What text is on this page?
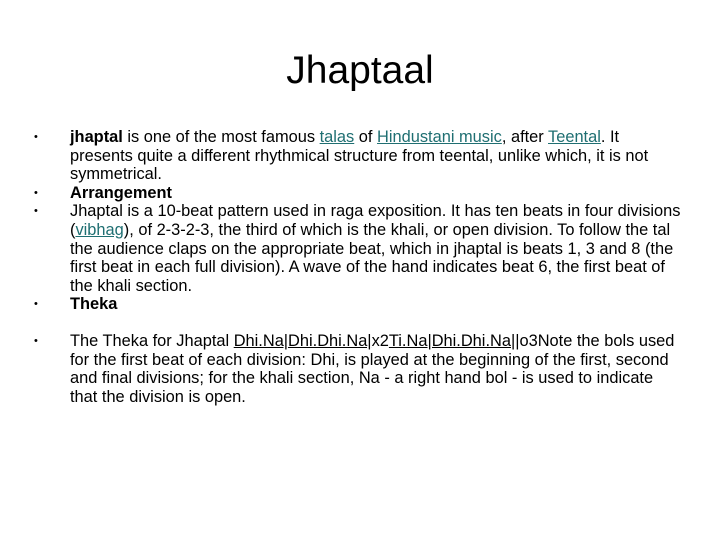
Jhaptaal
• jhaptal is one of the most famous talas of Hindustani music, after Teental. It presents quite a different rhythmical structure from teental, unlike which, it is not symmetrical.
• Arrangement
• Jhaptal is a 10-beat pattern used in raga exposition. It has ten beats in four divisions (vibhag), of 2-3-2-3, the third of which is the khali, or open division. To follow the tal the audience claps on the appropriate beat, which in jhaptal is beats 1, 3 and 8 (the first beat in each full division). A wave of the hand indicates beat 6, the first beat of the khali section.
• Theka
• The Theka for Jhaptal Dhi.Na|Dhi.Dhi.Na|x2Ti.Na|Dhi.Dhi.Na||o3Note the bols used for the first beat of each division: Dhi, is played at the beginning of the first, second and final divisions; for the khali section, Na - a right hand bol - is used to indicate that the division is open.
